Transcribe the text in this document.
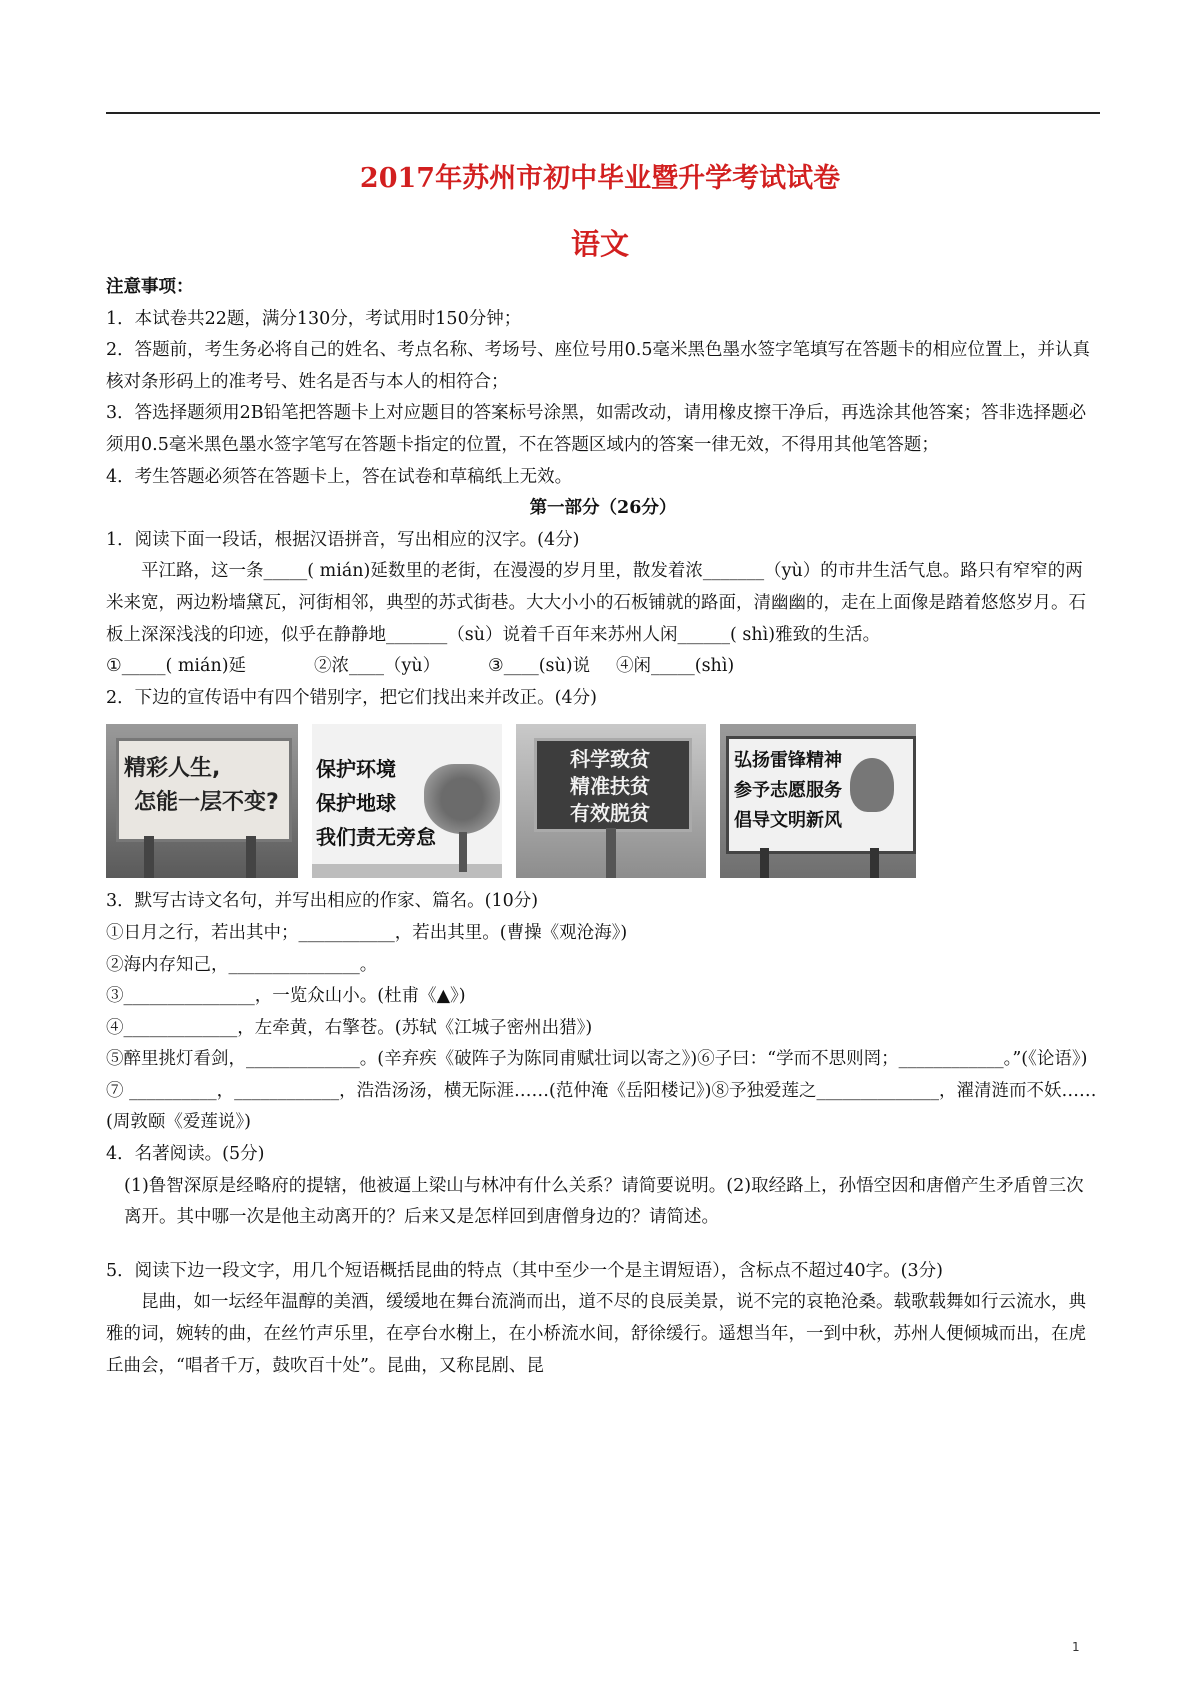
2017年苏州市初中毕业暨升学考试试卷
语文

注意事项：

1．本试卷共22题，满分130分，考试用时150分钟；

2．答题前，考生务必将自己的姓名、考点名称、考场号、座位号用0.5毫米黑色墨水签字笔填写在答题卡的相应位置上，并认真核对条形码上的准考号、姓名是否与本人的相符合；

3．答选择题须用2B铅笔把答题卡上对应题目的答案标号涂黑，如需改动，请用橡皮擦干净后，再选涂其他答案；答非选择题必须用0.5毫米黑色墨水签字笔写在答题卡指定的位置，不在答题区域内的答案一律无效，不得用其他笔答题；

4．考生答题必须答在答题卡上，答在试卷和草稿纸上无效。

第一部分（26分）

1．阅读下面一段话，根据汉语拼音，写出相应的汉字。(4分)

平江路，这一条_____( mián)延数里的老街，在漫漫的岁月里，散发着浓_______（yù）的市井生活气息。路只有窄窄的两米来宽，两边粉墙黛瓦，河街相邻，典型的苏式街巷。大大小小的石板铺就的路面，清幽幽的，走在上面像是踏着悠悠岁月。石板上深深浅浅的印迹，似乎在静静地_______（sù）说着千百年来苏州人闲______( shì)雅致的生活。

①_____( mián)延	②浓____（yù）	③____(sù)说 ④闲_____(shì)

2．下边的宣传语中有四个错别字，把它们找出来并改正。(4分)

精彩人生,
怎能一层不变?
保护环境
保护地球
我们责无旁怠
科学致贫
精准扶贫
有效脱贫
弘扬雷锋精神
参予志愿服务
倡导文明新风

3．默写古诗文名句，并写出相应的作家、篇名。(10分)

①日月之行，若出其中；___________，若出其里。(曹操《观沧海》)

②海内存知己，_______________。

③_______________，一览众山小。(杜甫《▲》)

④_____________，左牵黄，右擎苍。(苏轼《江城子密州出猎》)

⑤醉里挑灯看剑，_____________。(辛弃疾《破阵子为陈同甫赋壮词以寄之》)⑥子曰：“学而不思则罔；____________。”(《论语》)

⑦ __________，____________，浩浩汤汤，横无际涯……(范仲淹《岳阳楼记》)⑧予独爱莲之______________，濯清涟而不妖……(周敦颐《爱莲说》)

4．名著阅读。(5分)

(1)鲁智深原是经略府的提辖，他被逼上梁山与林冲有什么关系？请简要说明。(2)取经路上，孙悟空因和唐僧产生矛盾曾三次离开。其中哪一次是他主动离开的？后来又是怎样回到唐僧身边的？请简述。

5．阅读下边一段文字，用几个短语概括昆曲的特点（其中至少一个是主谓短语），含标点不超过40字。(3分)

昆曲，如一坛经年温醇的美酒，缓缓地在舞台流淌而出，道不尽的良辰美景，说不完的哀艳沧桑。载歌载舞如行云流水，典雅的词，婉转的曲，在丝竹声乐里，在亭台水榭上，在小桥流水间，舒徐缓行。遥想当年，一到中秋，苏州人便倾城而出，在虎丘曲会，“唱者千万，鼓吹百十处”。昆曲，又称昆剧、昆

1
